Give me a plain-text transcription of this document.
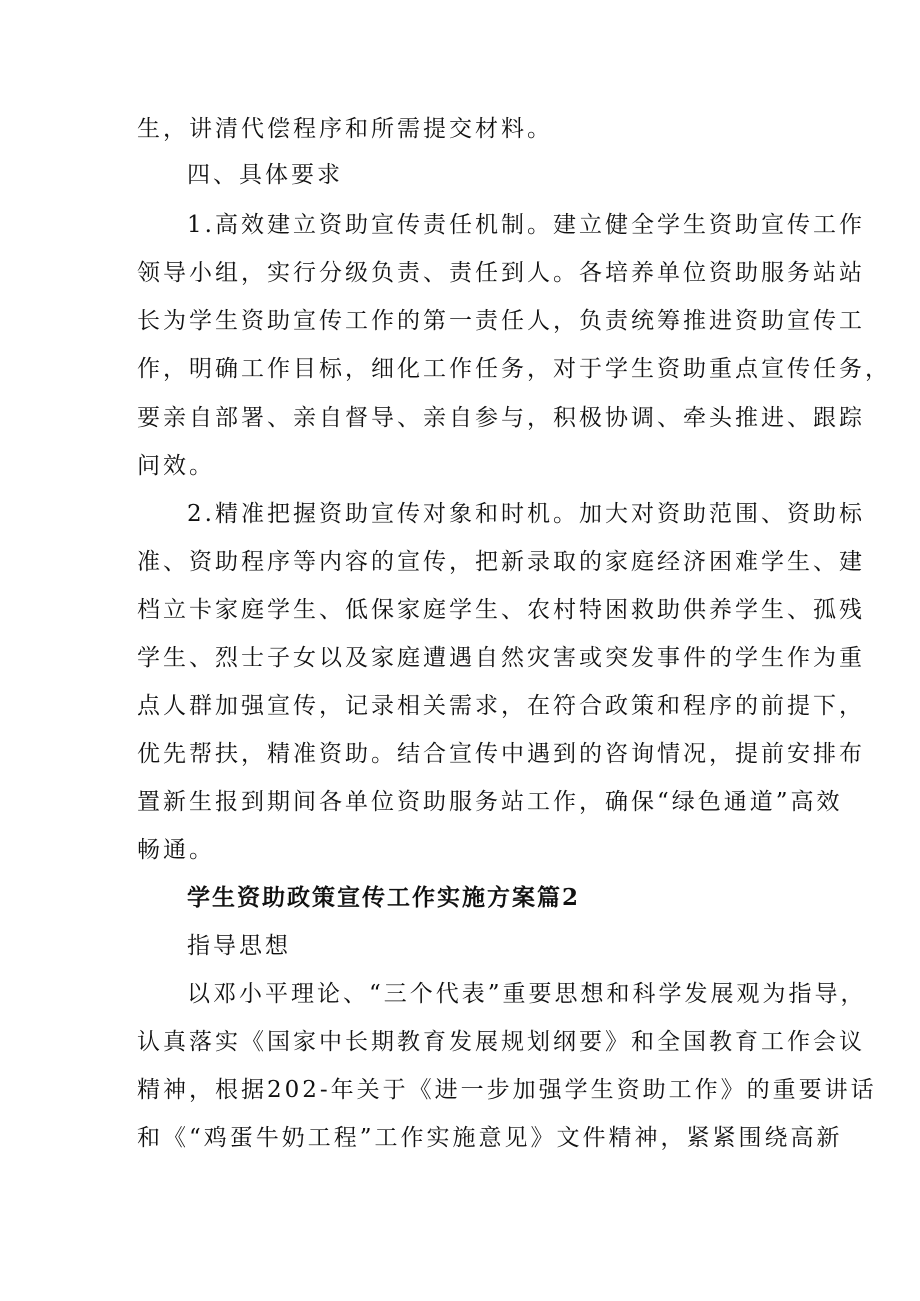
生，讲清代偿程序和所需提交材料。
四、具体要求
1.高效建立资助宣传责任机制。建立健全学生资助宣传工作
领导小组，实行分级负责、责任到人。各培养单位资助服务站站
长为学生资助宣传工作的第一责任人，负责统筹推进资助宣传工
作，明确工作目标，细化工作任务，对于学生资助重点宣传任务，
要亲自部署、亲自督导、亲自参与，积极协调、牵头推进、跟踪
问效。
2.精准把握资助宣传对象和时机。加大对资助范围、资助标
准、资助程序等内容的宣传，把新录取的家庭经济困难学生、建
档立卡家庭学生、低保家庭学生、农村特困救助供养学生、孤残
学生、烈士子女以及家庭遭遇自然灾害或突发事件的学生作为重
点人群加强宣传，记录相关需求，在符合政策和程序的前提下，
优先帮扶，精准资助。结合宣传中遇到的咨询情况，提前安排布
置新生报到期间各单位资助服务站工作，确保“绿色通道”高效
畅通。
学生资助政策宣传工作实施方案篇2
指导思想
以邓小平理论、“三个代表”重要思想和科学发展观为指导，
认真落实《国家中长期教育发展规划纲要》和全国教育工作会议
精神，根据202-年关于《进一步加强学生资助工作》的重要讲话
和《“鸡蛋牛奶工程”工作实施意见》文件精神，紧紧围绕高新
